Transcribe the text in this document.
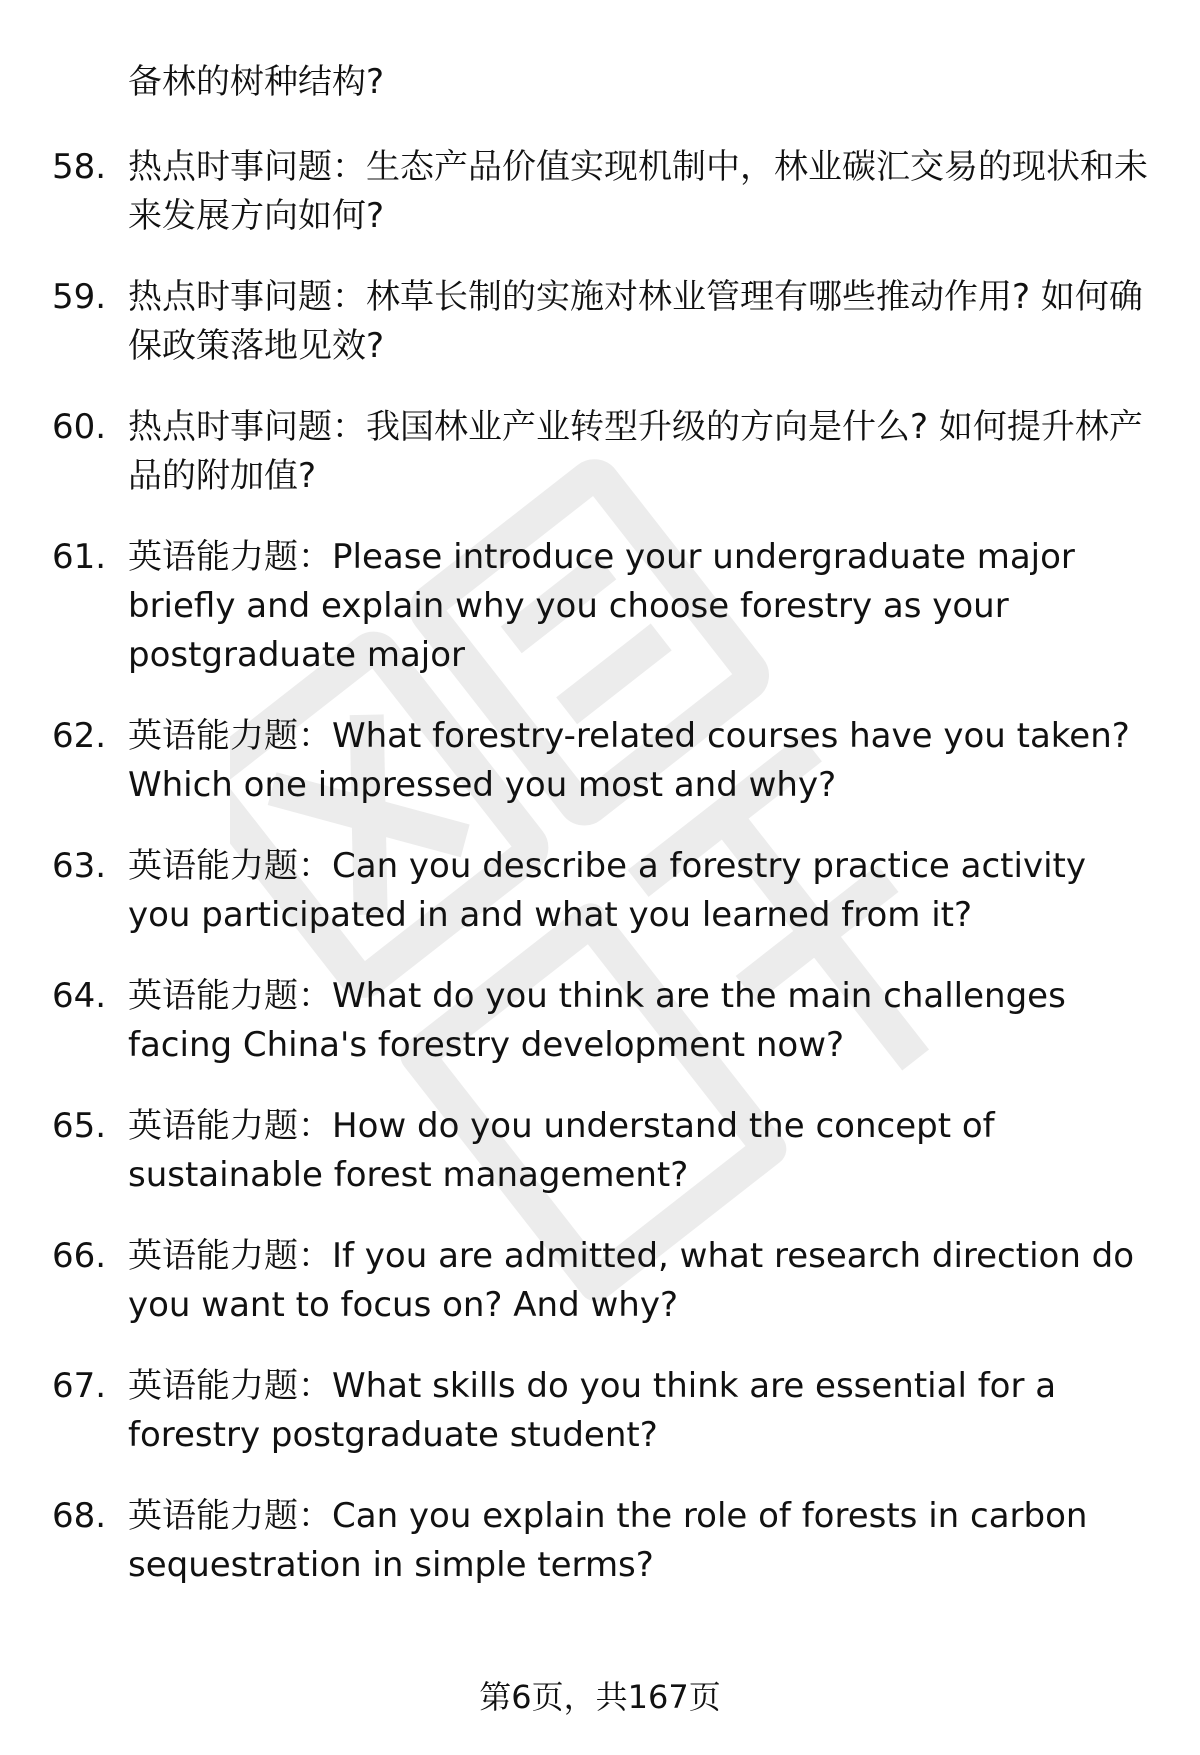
备林的树种结构?

58. 热点时事问题：生态产品价值实现机制中，林业碳汇交易的现状和未来发展方向如何?

59. 热点时事问题：林草长制的实施对林业管理有哪些推动作用? 如何确保政策落地见效?

60. 热点时事问题：我国林业产业转型升级的方向是什么? 如何提升林产品的附加值?

61. 英语能力题：Please introduce your undergraduate major briefly and explain why you choose forestry as your postgraduate major

62. 英语能力题：What forestry-related courses have you taken? Which one impressed you most and why?

63. 英语能力题：Can you describe a forestry practice activity you participated in and what you learned from it?

64. 英语能力题：What do you think are the main challenges facing China's forestry development now?

65. 英语能力题：How do you understand the concept of sustainable forest management?

66. 英语能力题：If you are admitted, what research direction do you want to focus on? And why?

67. 英语能力题：What skills do you think are essential for a forestry postgraduate student?

68. 英语能力题：Can you explain the role of forests in carbon sequestration in simple terms?

第6页，共167页
